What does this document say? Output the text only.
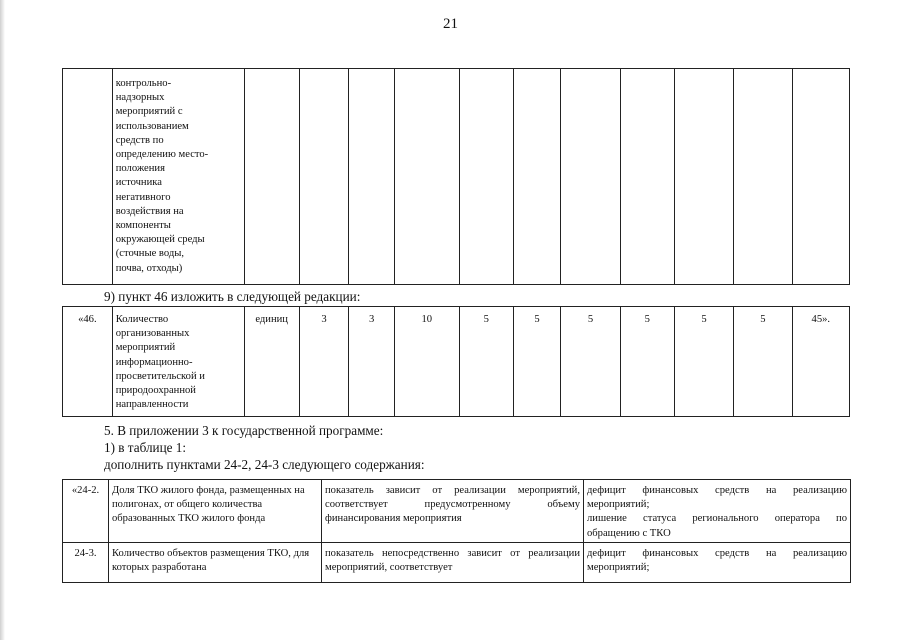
21
	контрольно-
надзорных
мероприятий с
использованием
средств по
определению место-
положения
источника
негативного
воздействия на
компоненты
окружающей среды
(сточные воды,
почва, отходы)											
9) пункт 46 изложить в следующей редакции:
«46.	Количество
организованных
мероприятий
информационно-
просветительской и
природоохранной
направленности	единиц	3	3	10	5	5	5	5	5	5	45».
5. В приложении 3 к государственной программе:
1) в таблице 1:
дополнить пунктами 24-2, 24-3 следующего содержания:
«24-2.	Доля ТКО жилого фонда, размещенных на полигонах, от общего количества образованных ТКО жилого фонда	показатель зависит от реализации мероприятий, соответствует предусмотренному объему финансирования мероприятия	дефицит финансовых средств на реализацию мероприятий;
лишение статуса регионального оператора по обращению с ТКО
24-3.	Количество объектов размещения ТКО, для которых разработана	показатель непосредственно зависит от реализации мероприятий, соответствует	дефицит финансовых средств на реализацию мероприятий;
